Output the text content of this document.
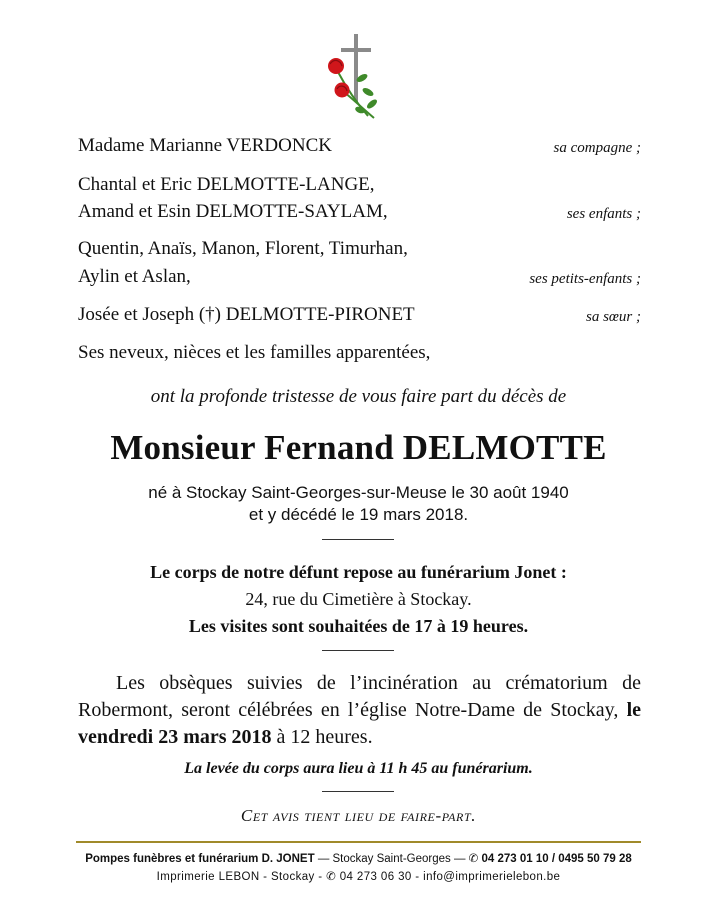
Madame Marianne VERDONCK	sa compagne ;
Chantal et Eric DELMOTTE-LANGE,
Amand et Esin DELMOTTE-SAYLAM,	ses enfants ;
Quentin, Anaïs, Manon, Florent, Timurhan,
Aylin et Aslan,	ses petits-enfants ;
Josée et Joseph (†) DELMOTTE-PIRONET	sa sœur ;
Ses neveux, nièces et les familles apparentées,
ont la profonde tristesse de vous faire part du décès de
Monsieur Fernand DELMOTTE
né à Stockay Saint-Georges-sur-Meuse le 30 août 1940
et y décédé le 19 mars 2018.
Le corps de notre défunt repose au funérarium Jonet :
24, rue du Cimetière à Stockay.
Les visites sont souhaitées de 17 à 19 heures.
Les obsèques suivies de l’incinération au crématorium de Robermont, seront célébrées en l’église Notre-Dame de Stockay, le vendredi 23 mars 2018 à 12 heures.
La levée du corps aura lieu à 11 h 45 au funérarium.
Cet avis tient lieu de faire-part.
Pompes funèbres et funérarium D. JONET — Stockay Saint-Georges — ✆ 04 273 01 10 / 0495 50 79 28
Imprimerie LEBON - Stockay - ✆ 04 273 06 30 - info@imprimerielebon.be
